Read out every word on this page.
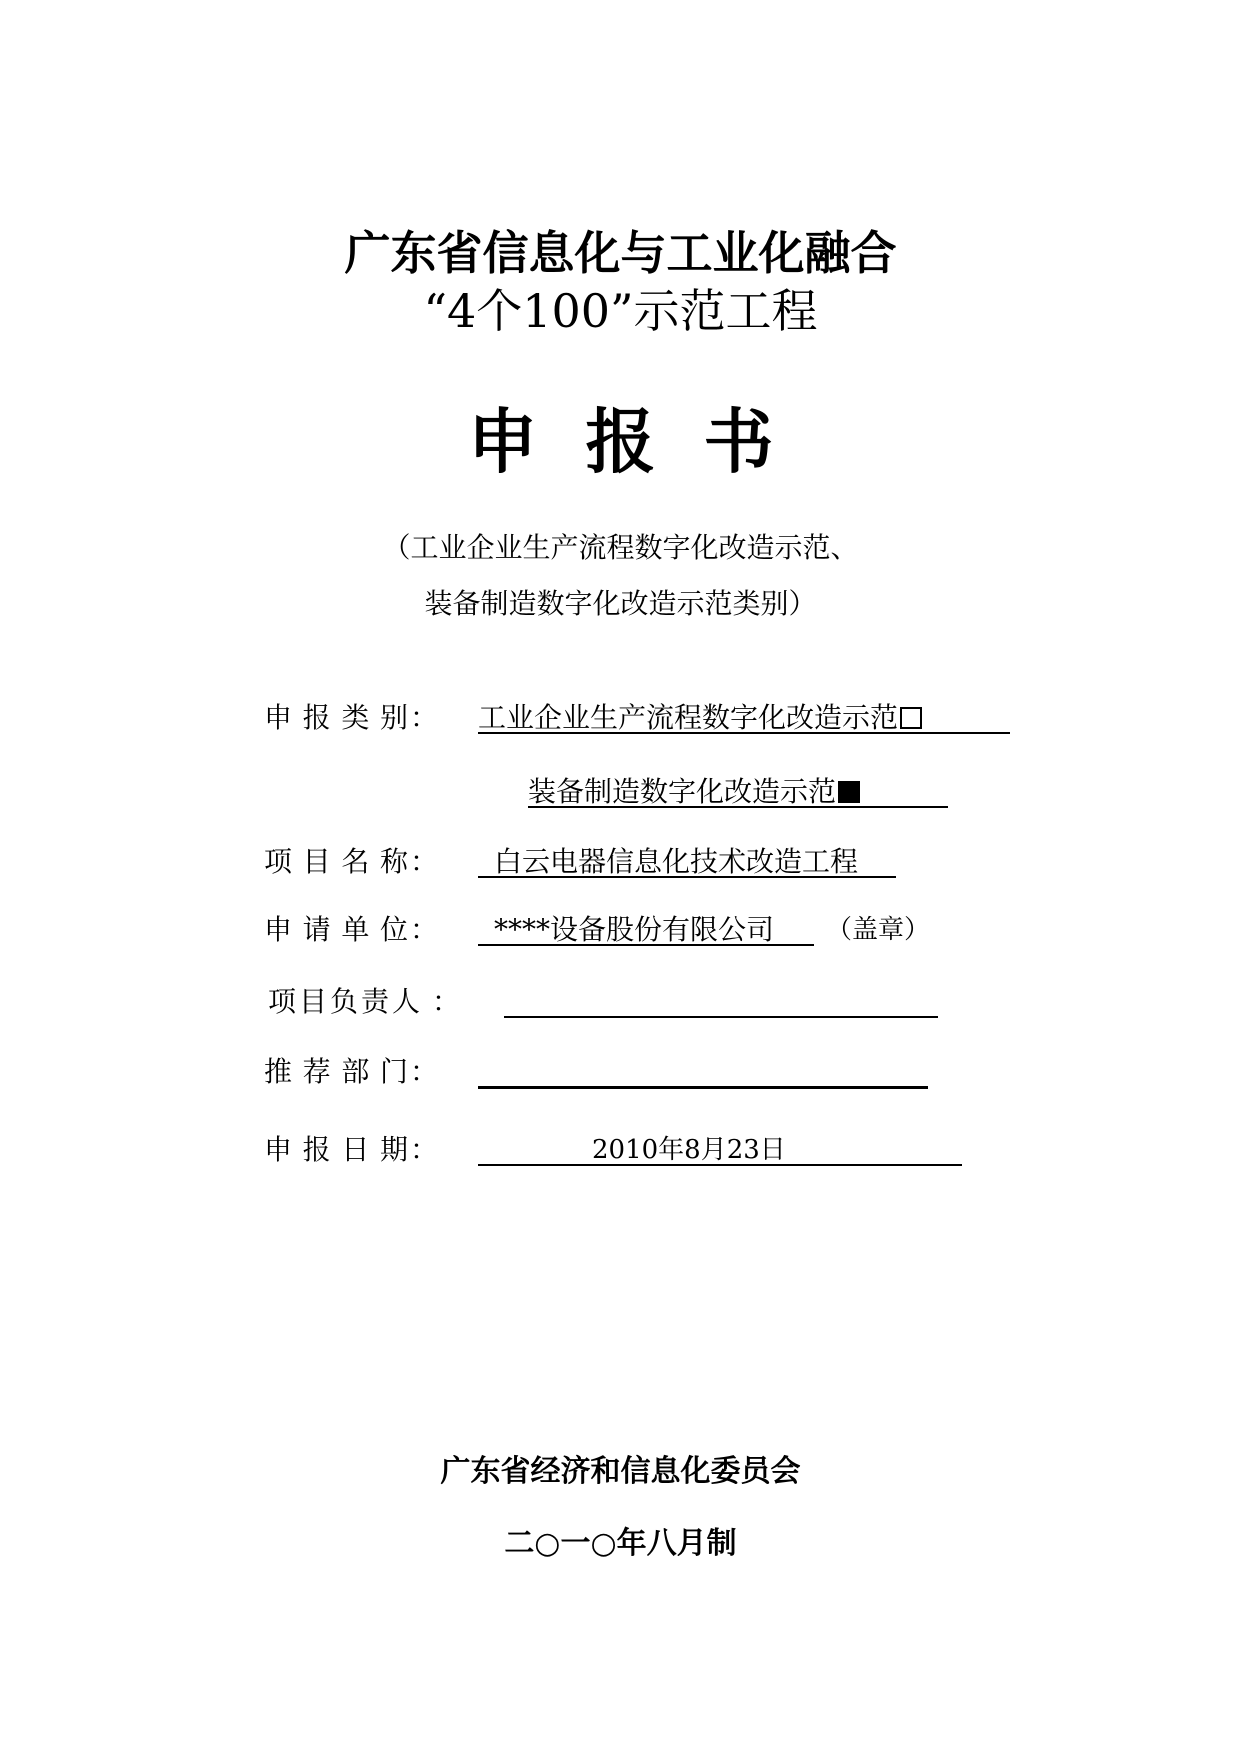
广东省信息化与工业化融合
“4个100”示范工程
申 报 书
（工业企业生产流程数字化改造示范、
装备制造数字化改造示范类别）
申 报 类 别 ： 工业企业生产流程数字化改造示范
装备制造数字化改造示范
项 目 名 称 ： 白云电器信息化技术改造工程
申 请 单 位 ： ****设备股份有限公司 （盖章）
项 目 负 责 人 ：
推 荐 部 门 ：
申 报 日 期 ：	2010年8月23日
广东省经济和信息化委员会
二○一○年八月制
